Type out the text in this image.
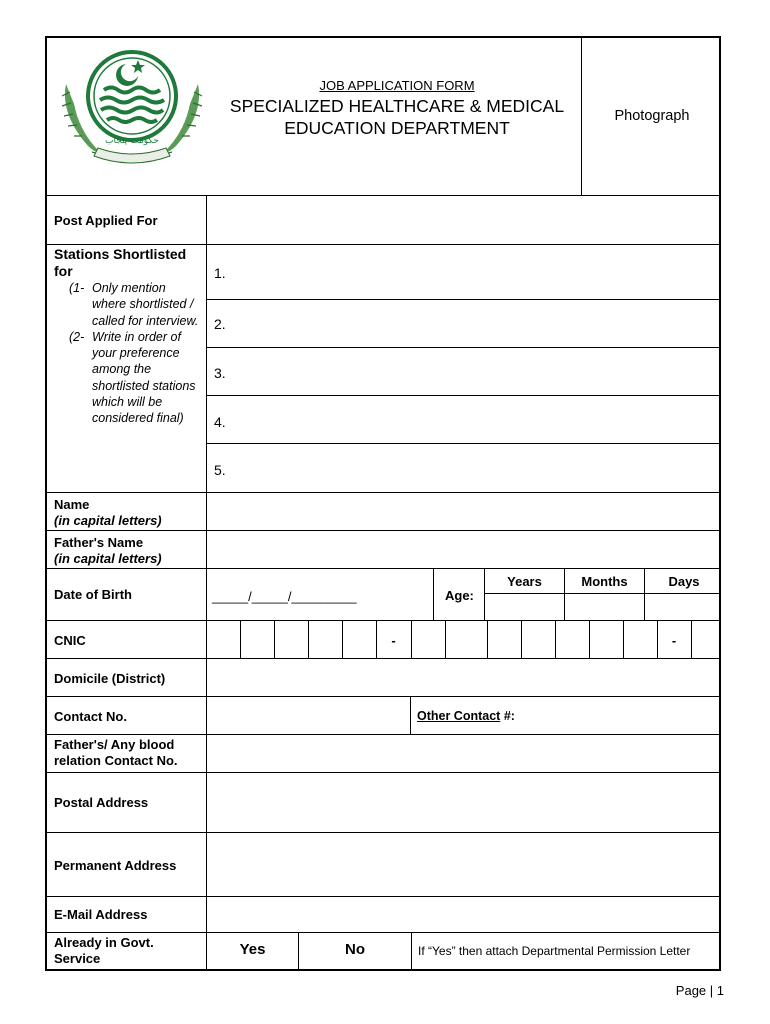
حکومت پنجاب
JOB APPLICATION FORM
SPECIALIZED HEALTHCARE & MEDICAL
EDUCATION DEPARTMENT
Photograph
Post Applied For
Stations Shortlisted
for
(1- Only mention where shortlisted / called for interview.
(2- Write in order of your preference among the shortlisted stations which will be considered final)
1.
2.
3.
4.
5.
Name
(in capital letters)
Father's Name
(in capital letters)
Date of Birth	_____/_____/_________	Age:
Years	Months	Days
CNIC	-	-
Domicile (District)
Contact No.	Other Contact #:
Father's/ Any blood
relation Contact No.
Postal Address
Permanent Address
E-Mail Address
Already in Govt.
Service
Yes	No	If “Yes” then attach Departmental Permission Letter
Page | 1
